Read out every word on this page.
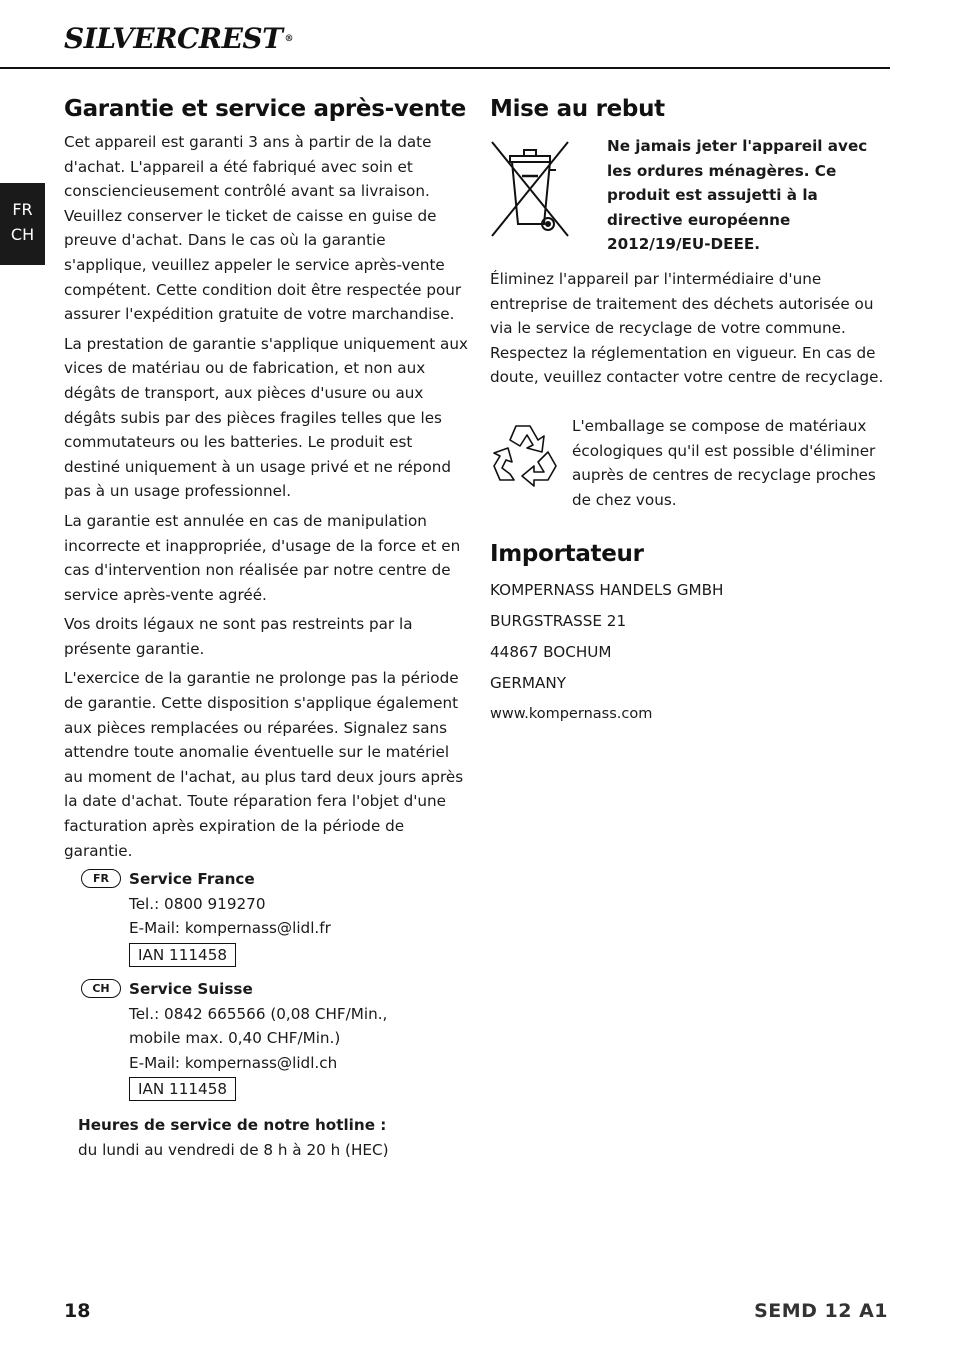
SILVERCREST ®
FR
CH
Garantie et service après-vente

Cet appareil est garanti 3 ans à partir de la date d'achat. L'appareil a été fabriqué avec soin et consciencieusement contrôlé avant sa livraison. Veuillez conserver le ticket de caisse en guise de preuve d'achat. Dans le cas où la garantie s'applique, veuillez appeler le service après-vente compétent. Cette condition doit être respectée pour assurer l'expédition gratuite de votre marchandise.

La prestation de garantie s'applique uniquement aux vices de matériau ou de fabrication, et non aux dégâts de transport, aux pièces d'usure ou aux dégâts subis par des pièces fragiles telles que les commutateurs ou les batteries. Le produit est destiné uniquement à un usage privé et ne répond pas à un usage professionnel.

La garantie est annulée en cas de manipulation incorrecte et inappropriée, d'usage de la force et en cas d'intervention non réalisée par notre centre de service après-vente agréé.

Vos droits légaux ne sont pas restreints par la présente garantie.

L'exercice de la garantie ne prolonge pas la période de garantie. Cette disposition s'applique également aux pièces remplacées ou réparées. Signalez sans attendre toute anomalie éventuelle sur le matériel au moment de l'achat, au plus tard deux jours après la date d'achat. Toute réparation fera l'objet d'une facturation après expiration de la période de garantie.

FR	Service France

Tel.: 0800 919270

E-Mail: kompernass@lidl.fr

IAN 111458
CH	Service Suisse

Tel.: 0842 665566 (0,08 CHF/Min.,

mobile max. 0,40 CHF/Min.)

E-Mail: kompernass@lidl.ch

IAN 111458

Heures de service de notre hotline :

du lundi au vendredi de 8 h à 20 h (HEC)

Mise au rebut

Ne jamais jeter l'appareil avec les ordures ménagères. Ce produit est assujetti à la directive européenne 2012/19/EU-DEEE.

Éliminez l'appareil par l'intermédiaire d'une entreprise de traitement des déchets autorisée ou via le service de recyclage de votre commune. Respectez la réglementation en vigueur. En cas de doute, veuillez contacter votre centre de recyclage.

L'emballage se compose de matériaux écologiques qu'il est possible d'éliminer auprès de centres de recyclage proches de chez vous.

Importateur
KOMPERNASS HANDELS GMBH
BURGSTRASSE 21
44867 BOCHUM
GERMANY
www.kompernass.com
18	SEMD 12 A1
